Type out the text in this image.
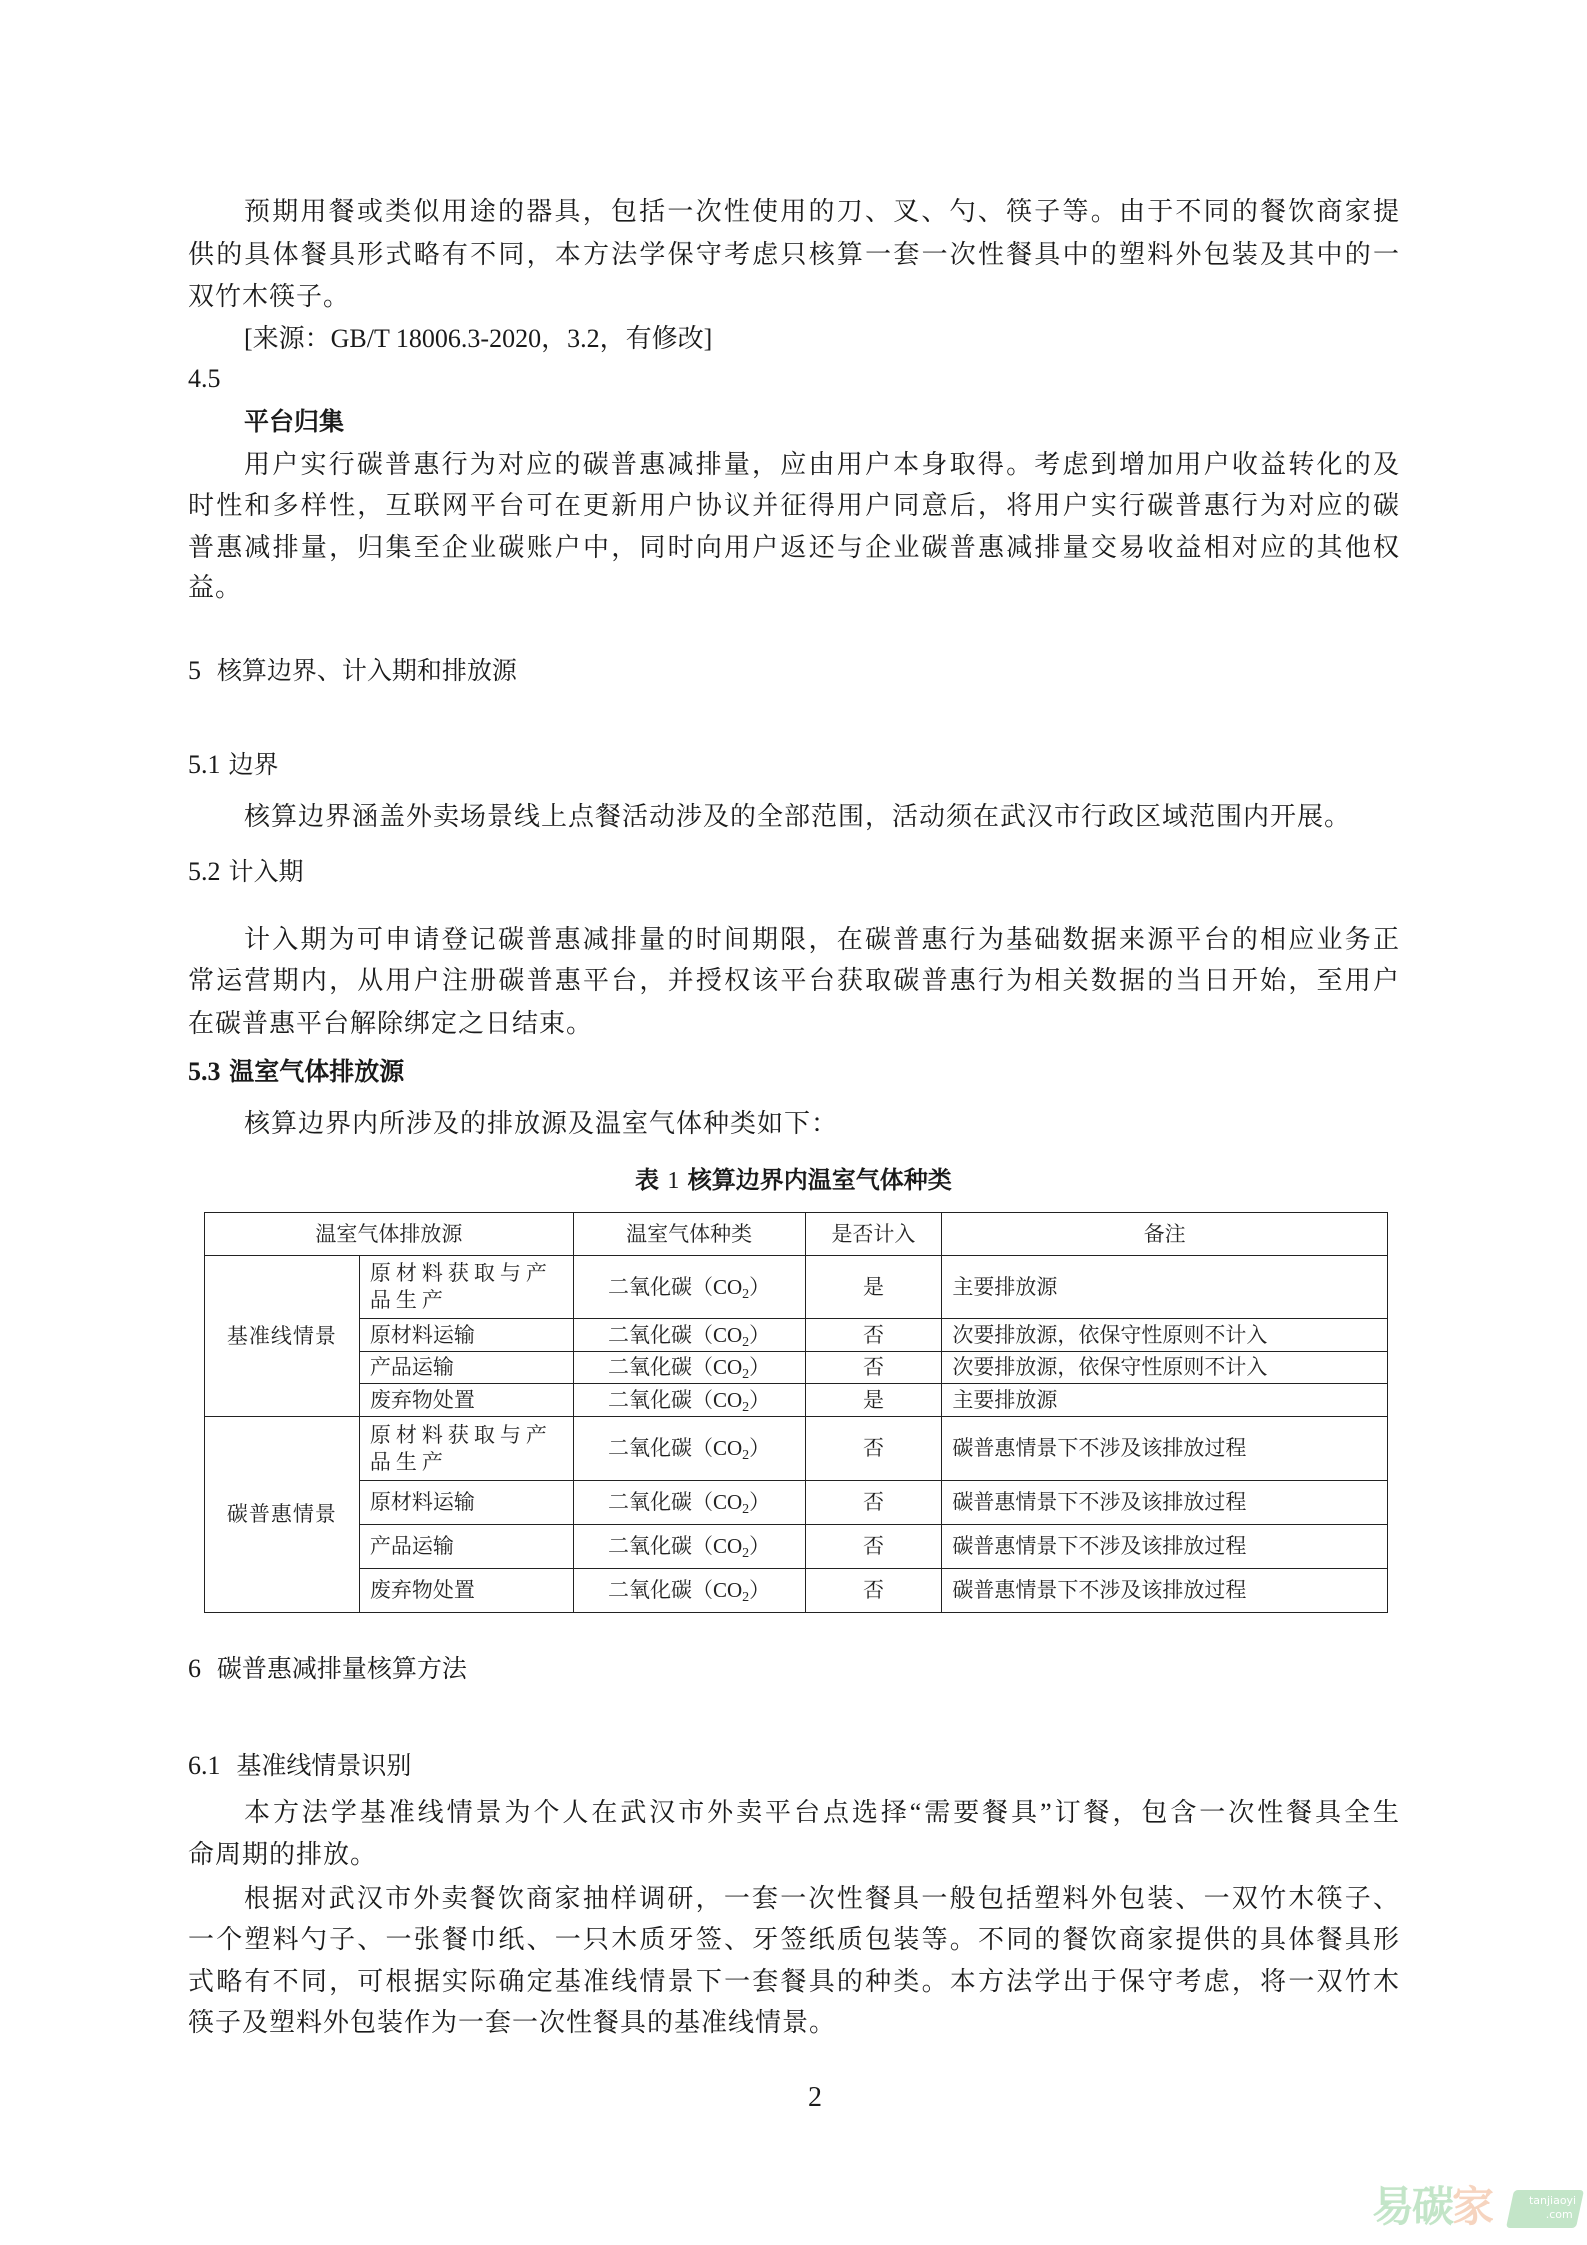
预期用餐或类似用途的器具，包括一次性使用的刀、叉、勺、筷子等。由于不同的餐饮商家提
供的具体餐具形式略有不同，本方法学保守考虑只核算一套一次性餐具中的塑料外包装及其中的一
双竹木筷子。
[来源：GB/T 18006.3-2020，3.2，有修改]
4.5
平台归集
用户实行碳普惠行为对应的碳普惠减排量，应由用户本身取得。考虑到增加用户收益转化的及
时性和多样性，互联网平台可在更新用户协议并征得用户同意后，将用户实行碳普惠行为对应的碳
普惠减排量，归集至企业碳账户中，同时向用户返还与企业碳普惠减排量交易收益相对应的其他权
益。
5 核算边界、计入期和排放源
5.1 边界
核算边界涵盖外卖场景线上点餐活动涉及的全部范围，活动须在武汉市行政区域范围内开展。
5.2 计入期
计入期为可申请登记碳普惠减排量的时间期限，在碳普惠行为基础数据来源平台的相应业务正
常运营期内，从用户注册碳普惠平台，并授权该平台获取碳普惠行为相关数据的当日开始，至用户
在碳普惠平台解除绑定之日结束。
5.3 温室气体排放源
核算边界内所涉及的排放源及温室气体种类如下：
表 1 核算边界内温室气体种类
温室气体排放源		温室气体种类	是否计入	备注
基准线情景	原材料获取与产品生产	二氧化碳$(CO_2)$	是	主要排放源
	原材料运输	二氧化碳$(CO_2)$	否	次要排放源，依保守性原则不计入
	产品运输	二氧化碳$(CO_2)$	否	次要排放源，依保守性原则不计入
	废弃物处置	二氧化碳$(CO_2)$	是	主要排放源
碳普惠情景	原材料获取与产品生产	二氧化碳$(CO_2)$	否	碳普惠情景下不涉及该排放过程
	原材料运输	二氧化碳$(CO_2)$	否	碳普惠情景下不涉及该排放过程
	产品运输	二氧化碳$(CO_2)$	否	碳普惠情景下不涉及该排放过程
	废弃物处置	二氧化碳$(CO_2)$	否	碳普惠情景下不涉及该排放过程
6 碳普惠减排量核算方法
6.1 基准线情景识别
本方法学基准线情景为个人在武汉市外卖平台点选择“需要餐具”订餐，包含一次性餐具全生
命周期的排放。
根据对武汉市外卖餐饮商家抽样调研，一套一次性餐具一般包括塑料外包装、一双竹木筷子、
一个塑料勺子、一张餐巾纸、一只木质牙签、牙签纸质包装等。不同的餐饮商家提供的具体餐具形
式略有不同，可根据实际确定基准线情景下一套餐具的种类。本方法学出于保守考虑，将一双竹木
筷子及塑料外包装作为一套一次性餐具的基准线情景。
2
易碳家	tanjiaoyi
.com
